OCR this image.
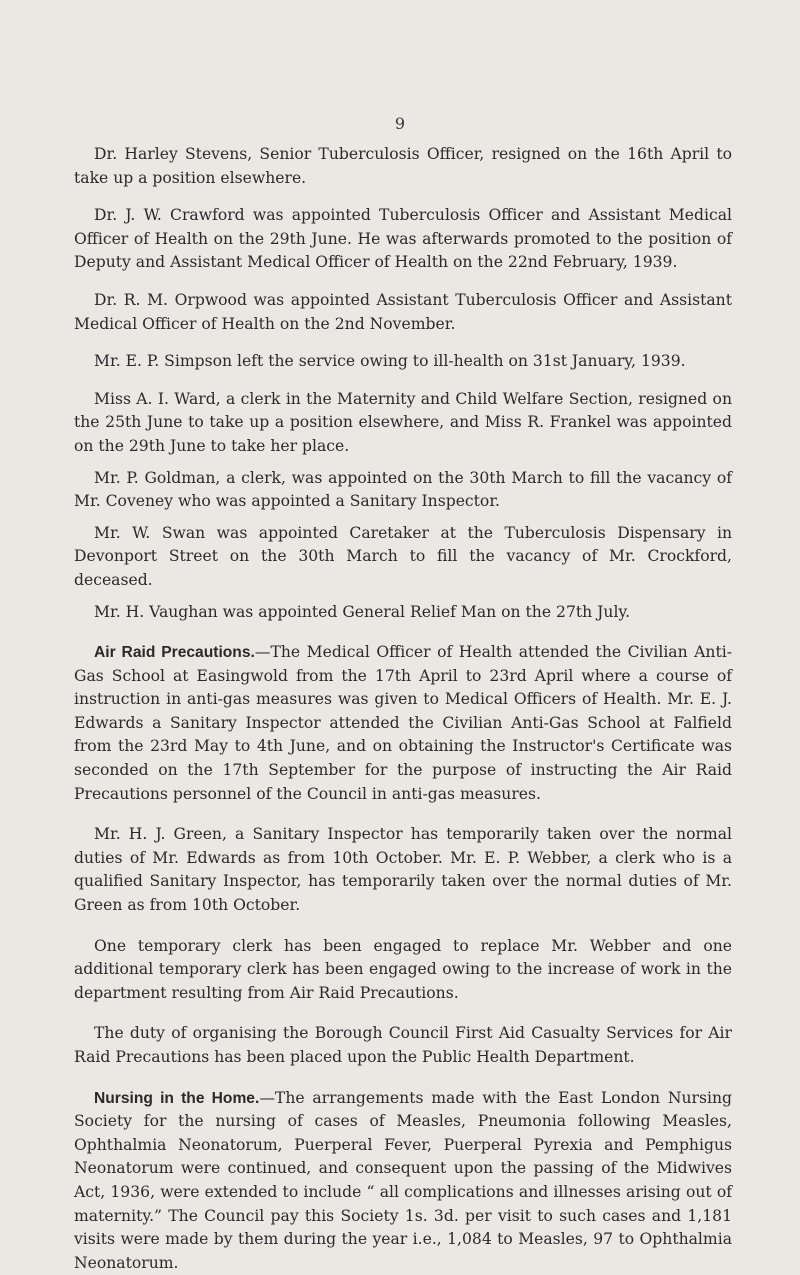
9

Dr. Harley Stevens, Senior Tuberculosis Officer, resigned on the 16th April to take up a position elsewhere.

Dr. J. W. Crawford was appointed Tuberculosis Officer and Assistant Medical Officer of Health on the 29th June. He was afterwards promoted to the position of Deputy and Assistant Medical Officer of Health on the 22nd February, 1939.

Dr. R. M. Orpwood was appointed Assistant Tuberculosis Officer and Assistant Medical Officer of Health on the 2nd November.

Mr. E. P. Simpson left the service owing to ill-health on 31st January, 1939.

Miss A. I. Ward, a clerk in the Maternity and Child Welfare Section, resigned on the 25th June to take up a position elsewhere, and Miss R. Frankel was appointed on the 29th June to take her place.

Mr. P. Goldman, a clerk, was appointed on the 30th March to fill the vacancy of Mr. Coveney who was appointed a Sanitary Inspector.

Mr. W. Swan was appointed Caretaker at the Tuberculosis Dispensary in Devonport Street on the 30th March to fill the vacancy of Mr. Crockford, deceased.

Mr. H. Vaughan was appointed General Relief Man on the 27th July.

Air Raid Precautions.—The Medical Officer of Health attended the Civilian Anti-Gas School at Easingwold from the 17th April to 23rd April where a course of instruction in anti-gas measures was given to Medical Officers of Health. Mr. E. J. Edwards a Sanitary Inspector attended the Civilian Anti-Gas School at Falfield from the 23rd May to 4th June, and on obtaining the Instructor's Certificate was seconded on the 17th September for the purpose of instructing the Air Raid Precautions personnel of the Council in anti-gas measures.

Mr. H. J. Green, a Sanitary Inspector has temporarily taken over the normal duties of Mr. Edwards as from 10th October. Mr. E. P. Webber, a clerk who is a qualified Sanitary Inspector, has temporarily taken over the normal duties of Mr. Green as from 10th October.

One temporary clerk has been engaged to replace Mr. Webber and one additional temporary clerk has been engaged owing to the increase of work in the department resulting from Air Raid Precautions.

The duty of organising the Borough Council First Aid Casualty Services for Air Raid Precautions has been placed upon the Public Health Department.

Nursing in the Home.—The arrangements made with the East London Nursing Society for the nursing of cases of Measles, Pneumonia following Measles, Ophthalmia Neonatorum, Puerperal Fever, Puerperal Pyrexia and Pemphigus Neonatorum were continued, and consequent upon the passing of the Midwives Act, 1936, were extended to include “ all complications and illnesses arising out of maternity.” The Council pay this Society 1s. 3d. per visit to such cases and 1,181 visits were made by them during the year i.e., 1,084 to Measles, 97 to Ophthalmia Neonatorum.
